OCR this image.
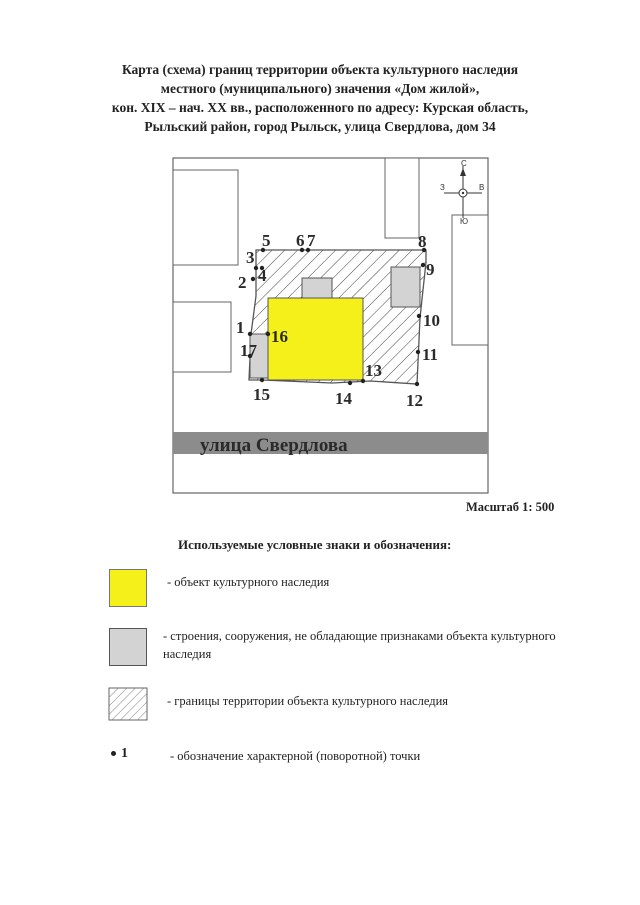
Карта (схема) границ территории объекта культурного наследия
местного (муниципального) значения «Дом жилой»,
кон. XIX – нач. XX вв., расположенного по адресу: Курская область,
Рыльский район, город Рыльск, улица Свердлова, дом 34
улица Свердлова
1
2
3
4
5 6 7	8
9
10
11
12
13
14
15
16
17
С
Ю
З	В
Масштаб 1: 500
Используемые условные знаки и обозначения:
- объект культурного наследия
- строения, сооружения, не обладающие признаками объекта культурного наследия
- границы территории объекта культурного наследия
1	- обозначение характерной (поворотной) точки
